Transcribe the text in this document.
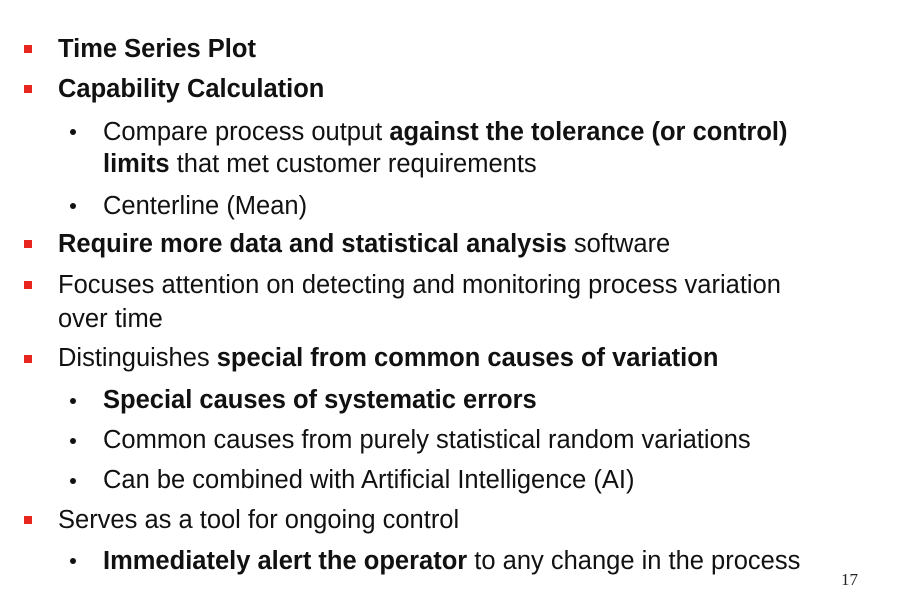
Time Series Plot
Capability Calculation
Compare process output against the tolerance (or control)
limits that met customer requirements
Centerline (Mean)
Require more data and statistical analysis software
Focuses attention on detecting and monitoring process variation
over time
Distinguishes special from common causes of variation
Special causes of systematic errors
Common causes from purely statistical random variations
Can be combined with Artificial Intelligence (AI)
Serves as a tool for ongoing control
Immediately alert the operator to any change in the process
17
